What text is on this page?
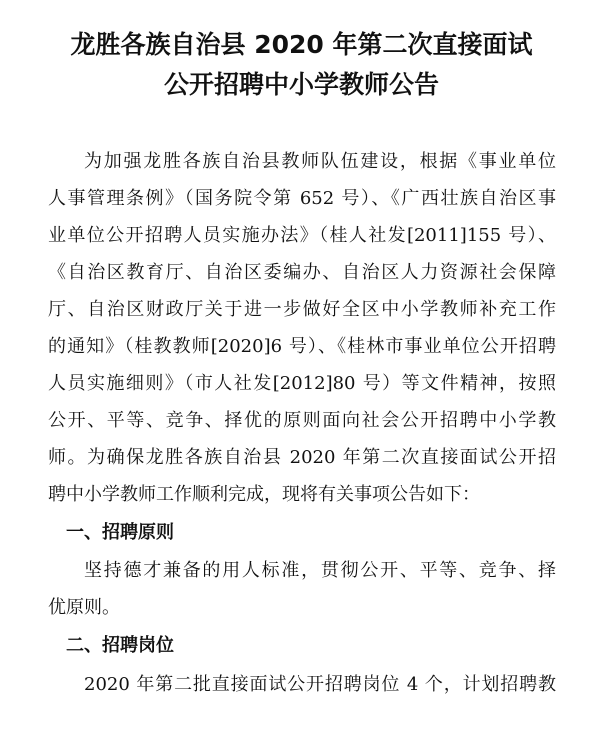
龙胜各族自治县 2020 年第二次直接面试
公开招聘中小学教师公告
为加强龙胜各族自治县教师队伍建设，根据《事业单位
人事管理条例》（国务院令第 652 号）、《广西壮族自治区事
业单位公开招聘人员实施办法》（桂人社发[2011]155 号）、
《自治区教育厅、自治区委编办、自治区人力资源社会保障
厅、自治区财政厅关于进一步做好全区中小学教师补充工作
的通知》（桂教教师[2020]6 号）、《桂林市事业单位公开招聘
人员实施细则》（市人社发[2012]80 号）等文件精神，按照
公开、平等、竞争、择优的原则面向社会公开招聘中小学教
师。为确保龙胜各族自治县 2020 年第二次直接面试公开招
聘中小学教师工作顺利完成，现将有关事项公告如下：
一、招聘原则
坚持德才兼备的用人标准，贯彻公开、平等、竞争、择
优原则。
二、招聘岗位
2020 年第二批直接面试公开招聘岗位 4 个，计划招聘教
